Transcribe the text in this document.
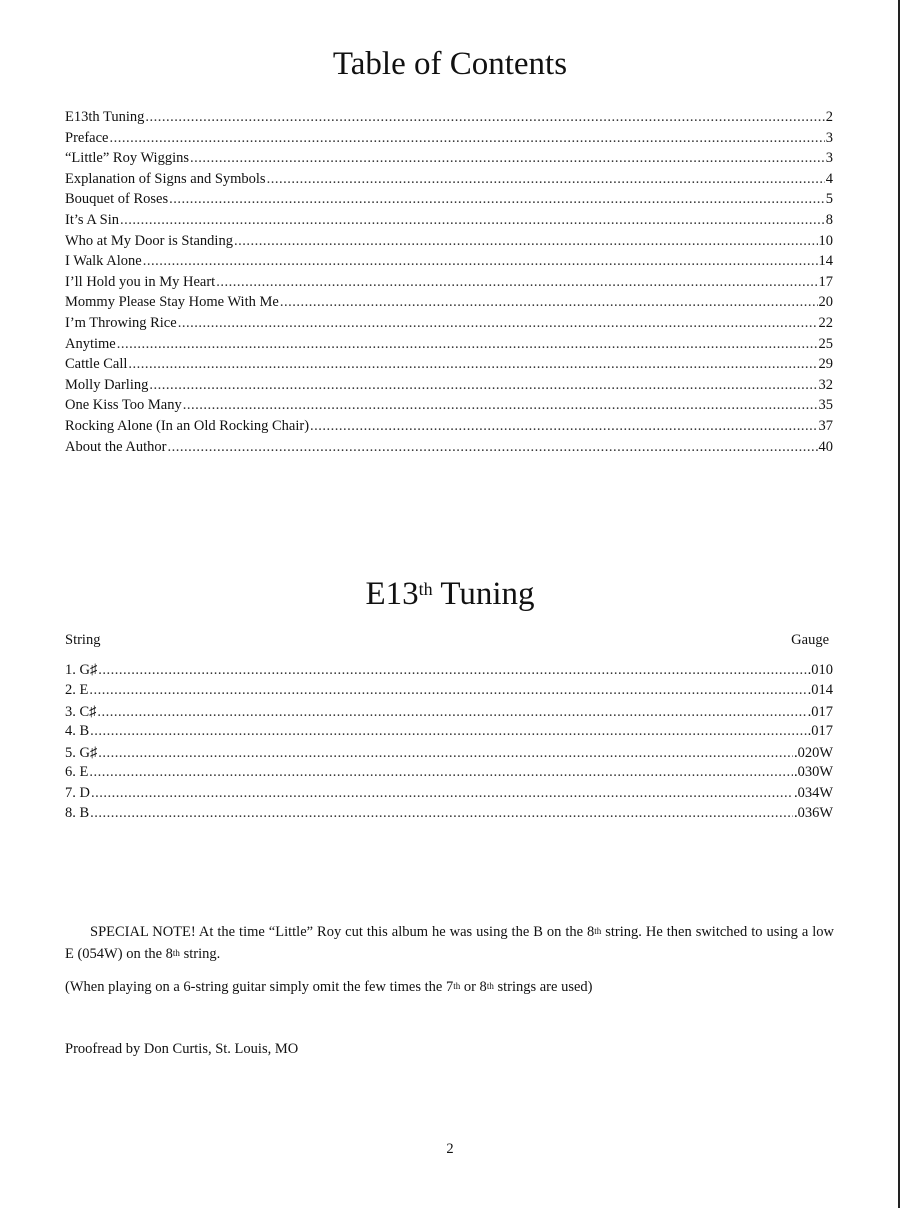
Table of Contents
E13th Tuning .....	2
Preface .....	3
“Little” Roy Wiggins .....	3
Explanation of Signs and Symbols .....	4
Bouquet of Roses .....	5
It’s A Sin .....	8
Who at My Door is Standing .....	10
I Walk Alone .....	14
I’ll Hold you in My Heart .....	17
Mommy Please Stay Home With Me .....	20
I’m Throwing Rice .....	22
Anytime .....	25
Cattle Call .....	29
Molly Darling .....	32
One Kiss Too Many .....	35
Rocking Alone (In an Old Rocking Chair) .....	37
About the Author .....	40
E13th Tuning
String	Gauge
1. G♯ .....	.010
2. E .....	.014
3. C♯ .....	.017
4. B .....	.017
5. G♯ .....	.020W
6. E .....	.030W
7. D .....	.034W
8. B .....	.036W

SPECIAL NOTE! At the time “Little” Roy cut this album he was using the B on the 8th string. He then switched to using a low E (054W) on the 8th string.

(When playing on a 6-string guitar simply omit the few times the 7th or 8th strings are used)

Proofread by Don Curtis, St. Louis, MO

2
